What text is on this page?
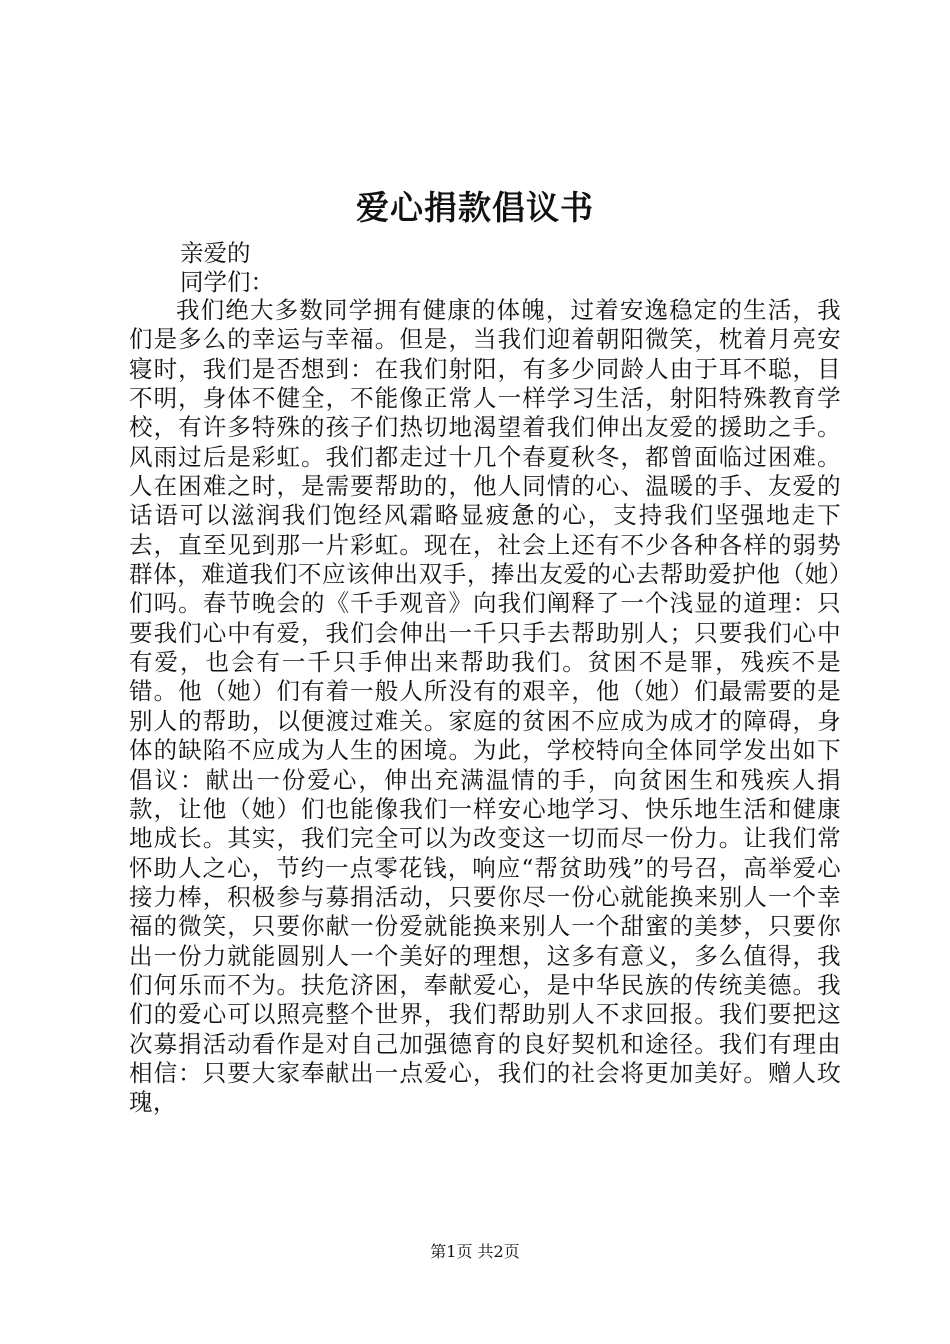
爱心捐款倡议书
亲爱的
同学们：
我们绝大多数同学拥有健康的体魄，过着安逸稳定的生活，我们是多么的幸运与幸福。但是，当我们迎着朝阳微笑，枕着月亮安寝时，我们是否想到：在我们射阳，有多少同龄人由于耳不聪，目不明，身体不健全，不能像正常人一样学习生活，射阳特殊教育学校，有许多特殊的孩子们热切地渴望着我们伸出友爱的援助之手。风雨过后是彩虹。我们都走过十几个春夏秋冬，都曾面临过困难。人在困难之时，是需要帮助的，他人同情的心、温暖的手、友爱的话语可以滋润我们饱经风霜略显疲惫的心，支持我们坚强地走下去，直至见到那一片彩虹。现在，社会上还有不少各种各样的弱势群体，难道我们不应该伸出双手，捧出友爱的心去帮助爱护他（她）们吗。春节晚会的《千手观音》向我们阐释了一个浅显的道理：只要我们心中有爱，我们会伸出一千只手去帮助别人；只要我们心中有爱，也会有一千只手伸出来帮助我们。贫困不是罪，残疾不是错。他（她）们有着一般人所没有的艰辛，他（她）们最需要的是别人的帮助，以便渡过难关。家庭的贫困不应成为成才的障碍，身体的缺陷不应成为人生的困境。为此，学校特向全体同学发出如下倡议：献出一份爱心，伸出充满温情的手，向贫困生和残疾人捐款，让他（她）们也能像我们一样安心地学习、快乐地生活和健康地成长。其实，我们完全可以为改变这一切而尽一份力。让我们常怀助人之心，节约一点零花钱，响应“帮贫助残”的号召，高举爱心接力棒，积极参与募捐活动，只要你尽一份心就能换来别人一个幸福的微笑，只要你献一份爱就能换来别人一个甜蜜的美梦，只要你出一份力就能圆别人一个美好的理想，这多有意义，多么值得，我们何乐而不为。扶危济困，奉献爱心，是中华民族的传统美德。我们的爱心可以照亮整个世界，我们帮助别人不求回报。我们要把这次募捐活动看作是对自己加强德育的良好契机和途径。我们有理由相信：只要大家奉献出一点爱心，我们的社会将更加美好。赠人玫瑰，
第1页 共2页
